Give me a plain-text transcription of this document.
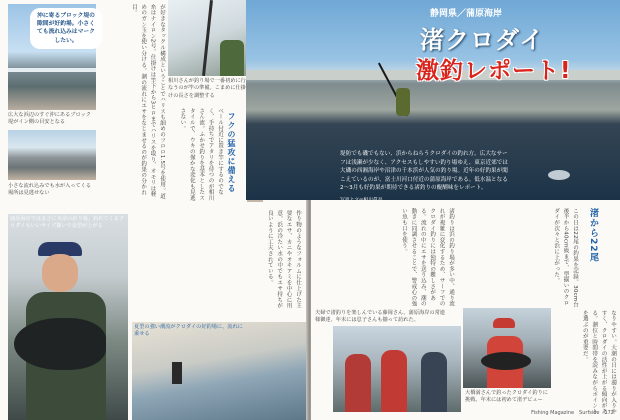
沖に寄るブロック堤の隙間が好釣場。小さくても流れ込みはマークしたい。
広大な浜辺のすぐ沖にあるブロック堤がイン側の目安となる
小さな流れ込みでも水が入ってくる場所は見逃せない	が好きなタックル構成ということでハリスも細めのフロロ1.5号を使用。道糸はナイロン2号。仕掛けは竿下から3ヒロまでハリスを取り、オモリは軽めのガン玉を使い分ける。潮の流れにエサをなじませるのが釣果の分かれ目。
相川さんが釣り場で一番初めに行なうのが竿の準備。こまめに仕掛けの長さを調整する
フクの猛攻に備える
ベール付近に置き竿にするのでなく、手持ちでアタリを待つのが相川さん流。ふかせ釣りを基本としたスタイルで、ウキの僅かな変化も見逃さない。
蒲原海岸ではまさに本命の釣り場。釣れてくるクロダイもいいサイズ揃いで良型が上がる	作り物のようなフォルムに仕上げた主要なエサ、カニやオキアミを中心に用意。浜の冷たい水の中でもエサ持ちが良いように工夫されている。
夏型の強い潮流がクロダイの好釣場に、流れに乗せる
静岡県／蒲原海岸
渚クロダイ
激釣レポート!
堤防でも磯でもない、浜からねらうクロダイの釣れ方。広大なサーフは浅瀬が少なく、アクセスもしやすい釣り場ゆえ、東京近郊では大磯の西湘海岸や沼津の千本浜が人気の釣り場。近年の好釣果が聞こえているのが、富士川河口付近の蒲原海岸である。低水温となる2〜3月も好釣果が期待できる渚釣りの醍醐味をレポート。
渚釣りは浜の釣り場が多い中、通り流れが複雑に変化するため、サーフでのクロダイ釣りには独特の難しさがある。流れの中にエサを送り込み、潮の動きに同調させることで、警戒心の強い魚も口を使う。	この日は22尾の釣果を記録。30cm台後半から40cm級まで、型揃いのクロダイが次々と浜に上がった。	渚から22尾
なりやすい。大潮の日には濁りが入りやすく、クロダイの活性が上がる傾向がある。潮位と時間帯を読みながらポイントを選ぶのが重要だ。
夫婦で渚釣りを楽しんでいる藤岡さん。蒲原海岸の常連様御達、年末には息子さんも揃って訪れた。
大橋満さんで釣ったクロダイ釣りに挑戦、年末には初めて渚デビュー
Fishing Magazine　Surfside　172
